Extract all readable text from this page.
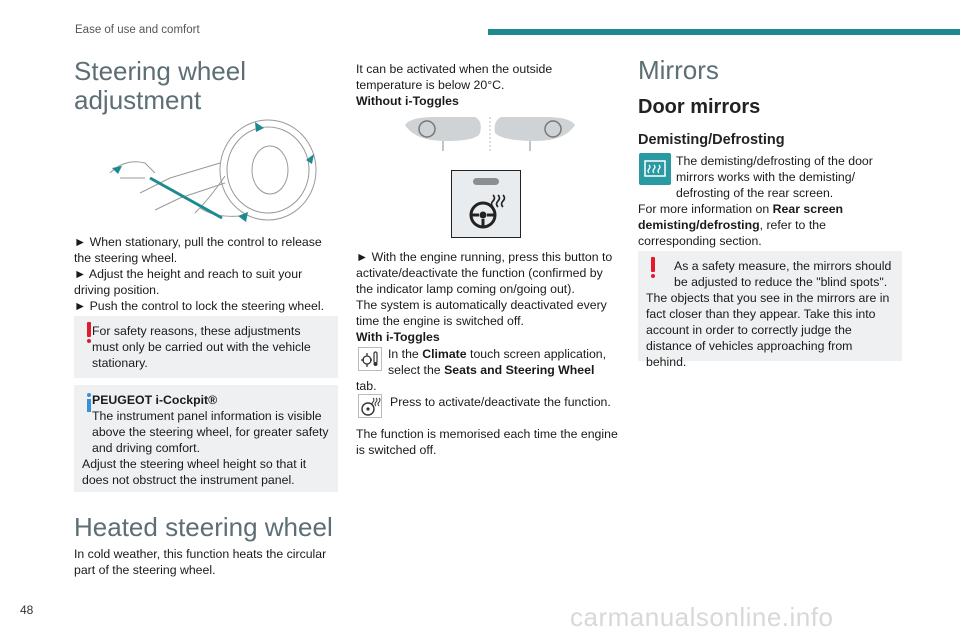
Ease of use and comfort
Steering wheel
adjustment

► When stationary, pull the control to release the steering wheel.

► Adjust the height and reach to suit your driving position.

► Push the control to lock the steering wheel.

For safety reasons, these adjustments must only be carried out with the vehicle stationary.

PEUGEOT i-Cockpit®

The instrument panel information is visible above the steering wheel, for greater safety and driving comfort.

Adjust the steering wheel height so that it does not obstruct the instrument panel.

Heated steering wheel
In cold weather, this function heats the circular part of the steering wheel.

It can be activated when the outside temperature is below 20°C.

Without i-Toggles

► With the engine running, press this button to activate/deactivate the function (confirmed by the indicator lamp coming on/going out).

The system is automatically deactivated every time the engine is switched off.

With i-Toggles

In the Climate touch screen application, select the Seats and Steering Wheel

tab.

Press to activate/deactivate the function.
The function is memorised each time the engine is switched off.
Mirrors
Door mirrors
Demisting/Defrosting

The demisting/defrosting of the door mirrors works with the demisting/ defrosting of the rear screen.

For more information on Rear screen demisting/defrosting, refer to the corresponding section.

As a safety measure, the mirrors should be adjusted to reduce the "blind spots".

The objects that you see in the mirrors are in fact closer than they appear. Take this into account in order to correctly judge the distance of vehicles approaching from behind.

48	carmanualsonline.info
